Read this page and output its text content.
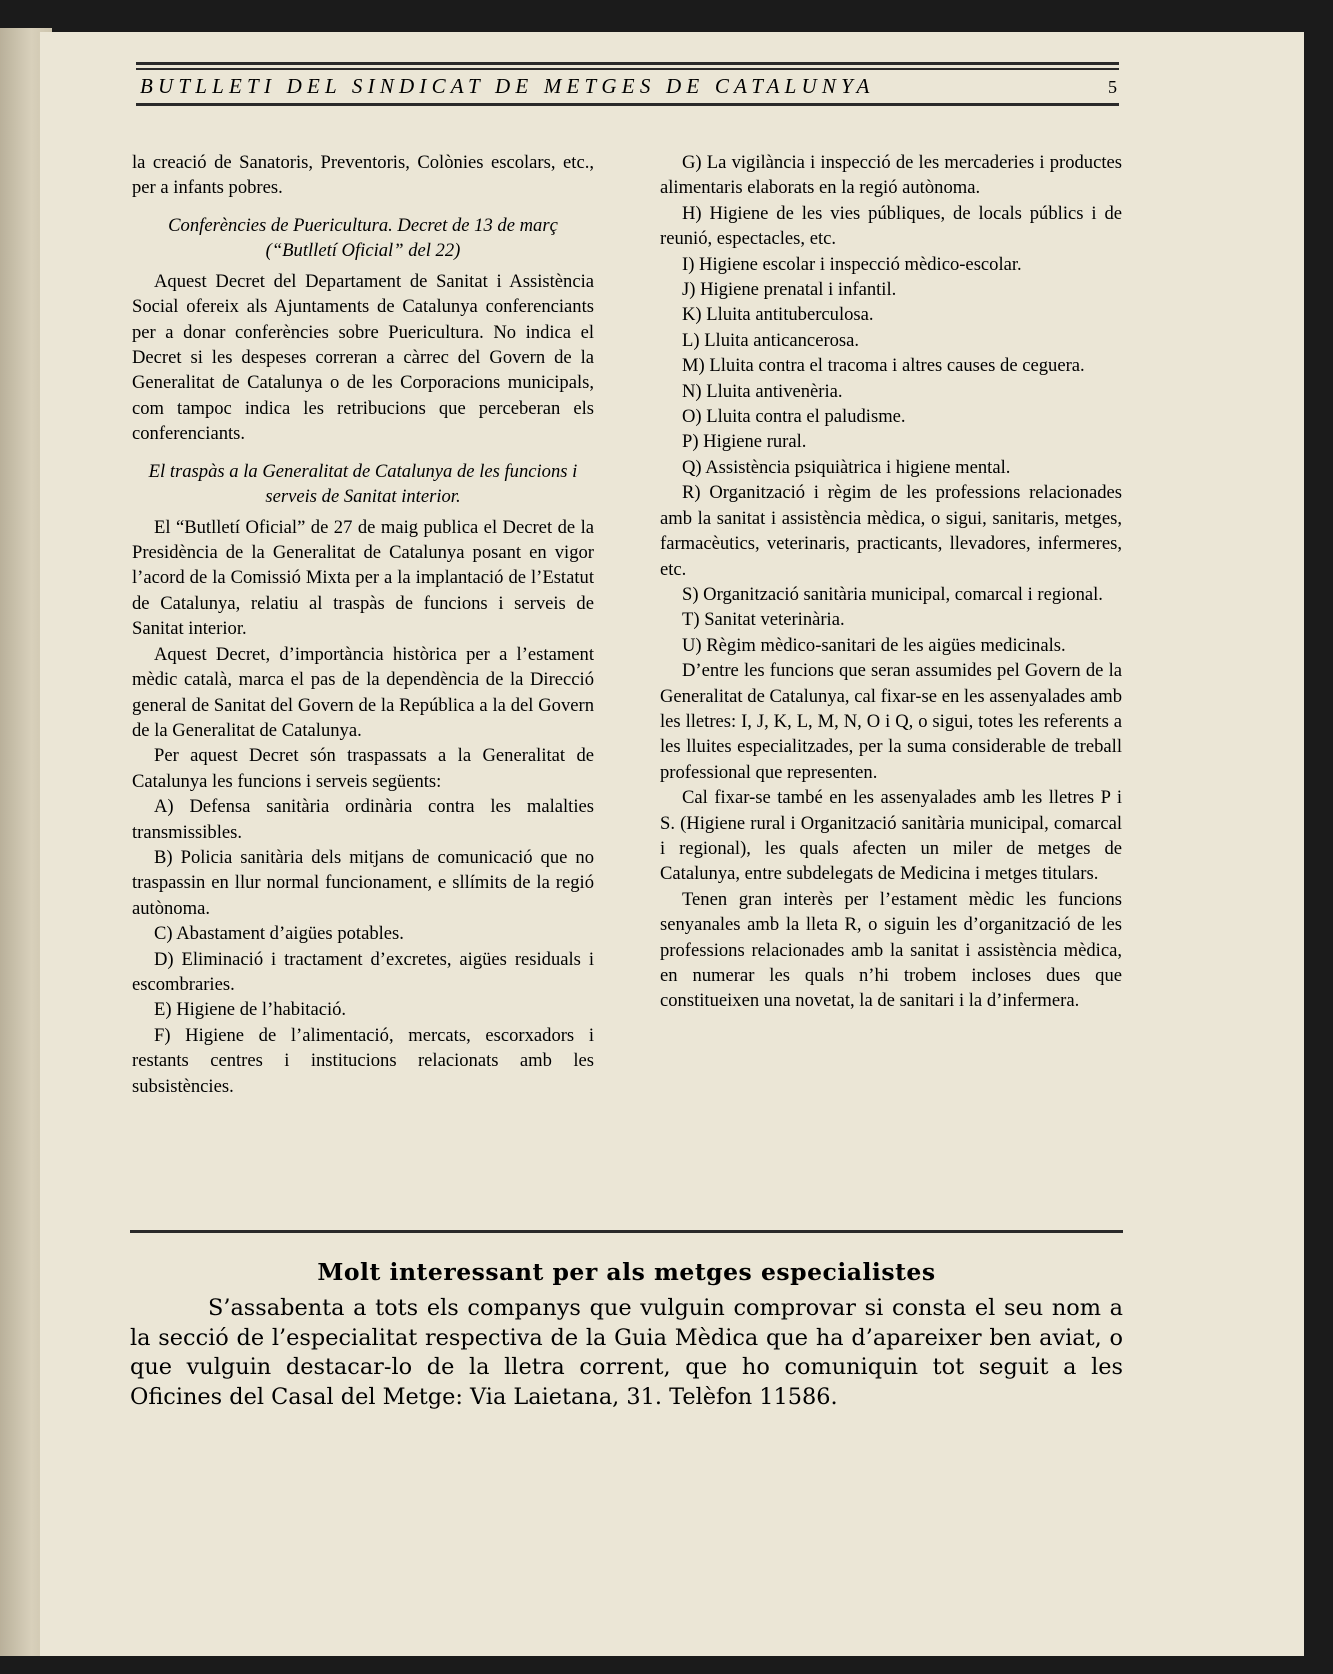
BUTLLETI DEL SINDICAT DE METGES DE CATALUNYA	5

la creació de Sanatoris, Preventoris, Colònies escolars, etc., per a infants pobres.

Conferències de Puericultura. Decret de 13 de març (“Butlletí Oficial” del 22)

Aquest Decret del Departament de Sanitat i Assistència Social ofereix als Ajuntaments de Catalunya conferenciants per a donar conferències sobre Puericultura. No indica el Decret si les despeses correran a càrrec del Govern de la Generalitat de Catalunya o de les Corporacions municipals, com tampoc indica les retribucions que perceberan els conferenciants.

El traspàs a la Generalitat de Catalunya de les funcions i serveis de Sanitat interior.

El “Butlletí Oficial” de 27 de maig publica el Decret de la Presidència de la Generalitat de Catalunya posant en vigor l’acord de la Comissió Mixta per a la implantació de l’Estatut de Catalunya, relatiu al traspàs de funcions i serveis de Sanitat interior.

Aquest Decret, d’importància històrica per a l’estament mèdic català, marca el pas de la dependència de la Direcció general de Sanitat del Govern de la República a la del Govern de la Generalitat de Catalunya.

Per aquest Decret són traspassats a la Generalitat de Catalunya les funcions i serveis següents:

A) Defensa sanitària ordinària contra les malalties transmissibles.

B) Policia sanitària dels mitjans de comunicació que no traspassin en llur normal funcionament, e sllímits de la regió autònoma.

C) Abastament d’aigües potables.

D) Eliminació i tractament d’excretes, aigües residuals i escombraries.

E) Higiene de l’habitació.

F) Higiene de l’alimentació, mercats, escorxadors i restants centres i institucions relacionats amb les subsistències.

G) La vigilància i inspecció de les mercaderies i productes alimentaris elaborats en la regió autònoma.

H) Higiene de les vies públiques, de locals públics i de reunió, espectacles, etc.

I) Higiene escolar i inspecció mèdico-escolar.

J) Higiene prenatal i infantil.

K) Lluita antituberculosa.

L) Lluita anticancerosa.

M) Lluita contra el tracoma i altres causes de ceguera.

N) Lluita antivenèria.

O) Lluita contra el paludisme.

P) Higiene rural.

Q) Assistència psiquiàtrica i higiene mental.

R) Organització i règim de les professions relacionades amb la sanitat i assistència mèdica, o sigui, sanitaris, metges, farmacèutics, veterinaris, practicants, llevadores, infermeres, etc.

S) Organització sanitària municipal, comarcal i regional.

T) Sanitat veterinària.

U) Règim mèdico-sanitari de les aigües medicinals.

D’entre les funcions que seran assumides pel Govern de la Generalitat de Catalunya, cal fixar-se en les assenyalades amb les lletres: I, J, K, L, M, N, O i Q, o sigui, totes les referents a les lluites especialitzades, per la suma considerable de treball professional que representen.

Cal fixar-se també en les assenyalades amb les lletres P i S. (Higiene rural i Organització sanitària municipal, comarcal i regional), les quals afecten un miler de metges de Catalunya, entre subdelegats de Medicina i metges titulars.

Tenen gran interès per l’estament mèdic les funcions senyanales amb la lleta R, o siguin les d’organització de les professions relacionades amb la sanitat i assistència mèdica, en numerar les quals n’hi trobem incloses dues que constitueixen una novetat, la de sanitari i la d’infermera.

Molt interessant per als metges especialistes

S’assabenta a tots els companys que vulguin comprovar si consta el seu nom a la secció de l’especialitat respectiva de la Guia Mèdica que ha d’apareixer ben aviat, o que vulguin destacar-lo de la lletra corrent, que ho comuniquin tot seguit a les Oficines del Casal del Metge: Via Laietana, 31. Telèfon 11586.
